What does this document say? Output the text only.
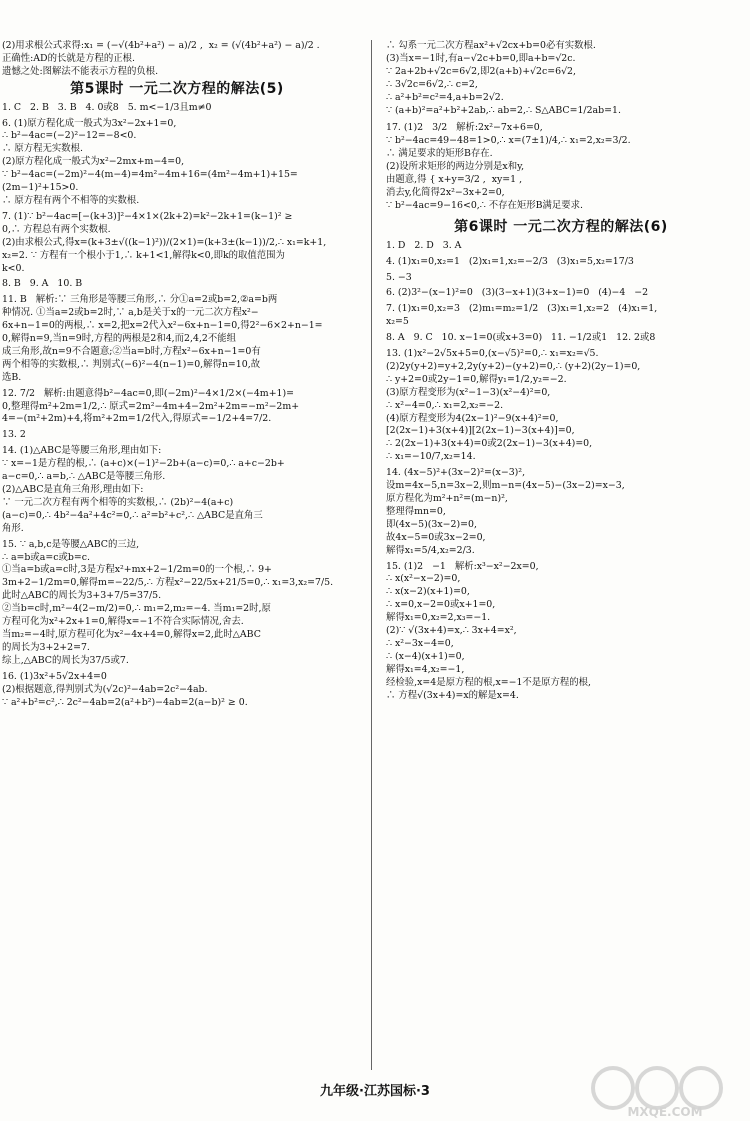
(2)用求根公式求得:x₁ = (−√(4b²+a²) − a)/2 ,  x₂ = (√(4b²+a²) − a)/2 .
正确性:AD的长就是方程的正根.
遗憾之处:图解法不能表示方程的负根.
第5课时 一元二次方程的解法(5)
1. C   2. B   3. B   4. 0或8   5. m<−1/3且m≠0
6. (1)原方程化成一般式为3x²−2x+1=0,
∴ b²−4ac=(−2)²−12=−8<0.
∴ 原方程无实数根.
(2)原方程化成一般式为x²−2mx+m−4=0,
∵ b²−4ac=(−2m)²−4(m−4)=4m²−4m+16=(4m²−4m+1)+15=
(2m−1)²+15>0.
∴ 原方程有两个不相等的实数根.
7. (1)∵ b²−4ac=[−(k+3)]²−4×1×(2k+2)=k²−2k+1=(k−1)² ≥
0,∴ 方程总有两个实数根.
(2)由求根公式,得x=(k+3±√((k−1)²))/(2×1)=(k+3±(k−1))/2,∴ x₁=k+1,
x₂=2. ∵ 方程有一个根小于1,∴ k+1<1,解得k<0,即k的取值范围为
k<0.
8. B   9. A   10. B
11. B   解析:∵ 三角形是等腰三角形,∴ 分①a=2或b=2,②a=b两
种情况. ①当a=2或b=2时,∵ a,b是关于x的一元二次方程x²−
6x+n−1=0的两根,∴ x=2,把x=2代入x²−6x+n−1=0,得2²−6×2+n−1=
0,解得n=9,当n=9时,方程的两根是2和4,而2,4,2不能组
成三角形,故n=9不合题意;②当a=b时,方程x²−6x+n−1=0有
两个相等的实数根,∴ 判别式(−6)²−4(n−1)=0,解得n=10,故
选B.
12. 7/2   解析:由题意得b²−4ac=0,即(−2m)²−4×1/2×(−4m+1)=
0,整理得m²+2m=1/2,∴ 原式=2m²−4m+4−2m²+2m=−m²−2m+
4=−(m²+2m)+4,将m²+2m=1/2代入,得原式=−1/2+4=7/2.
13. 2
14. (1)△ABC是等腰三角形,理由如下:
∵ x=−1是方程的根,∴ (a+c)×(−1)²−2b+(a−c)=0,∴ a+c−2b+
a−c=0,∴ a=b,∴ △ABC是等腰三角形.
(2)△ABC是直角三角形,理由如下:
∵ 一元二次方程有两个相等的实数根,∴ (2b)²−4(a+c)
(a−c)=0,∴ 4b²−4a²+4c²=0,∴ a²=b²+c²,∴ △ABC是直角三
角形.
15. ∵ a,b,c是等腰△ABC的三边,
∴ a=b或a=c或b=c.
①当a=b或a=c时,3是方程x²+mx+2−1/2m=0的一个根,∴ 9+
3m+2−1/2m=0,解得m=−22/5,∴ 方程x²−22/5x+21/5=0,∴ x₁=3,x₂=7/5.
此时△ABC的周长为3+3+7/5=37/5.
②当b=c时,m²−4(2−m/2)=0,∴ m₁=2,m₂=−4. 当m₁=2时,原
方程可化为x²+2x+1=0,解得x=−1不符合实际情况,舍去.
当m₂=−4时,原方程可化为x²−4x+4=0,解得x=2,此时△ABC
的周长为3+2+2=7.
综上,△ABC的周长为37/5或7.
16. (1)3x²+5√2x+4=0
(2)根据题意,得判别式为(√2c)²−4ab=2c²−4ab.
∵ a²+b²=c²,∴ 2c²−4ab=2(a²+b²)−4ab=2(a−b)² ≥ 0.
∴ 勾系一元二次方程ax²+√2cx+b=0必有实数根.
(3)当x=−1时,有a−√2c+b=0,即a+b=√2c.
∵ 2a+2b+√2c=6√2,即2(a+b)+√2c=6√2,
∴ 3√2c=6√2,∴ c=2,
∴ a²+b²=c²=4,a+b=2√2.
∵ (a+b)²=a²+b²+2ab,∴ ab=2,∴ S△ABC=1/2ab=1.
17. (1)2   3/2   解析:2x²−7x+6=0,
∵ b²−4ac=49−48=1>0,∴ x=(7±1)/4,∴ x₁=2,x₂=3/2.
∴ 满足要求的矩形B存在.
(2)设所求矩形的两边分别是x和y,
由题意,得 { x+y=3/2 ,  xy=1 ,
消去y,化简得2x²−3x+2=0,
∵ b²−4ac=9−16<0,∴ 不存在矩形B满足要求.
第6课时 一元二次方程的解法(6)
1. D   2. D   3. A
4. (1)x₁=0,x₂=1   (2)x₁=1,x₂=−2/3   (3)x₁=5,x₂=17/3
5. −3
6. (2)3²−(x−1)²=0   (3)(3−x+1)(3+x−1)=0   (4)−4   −2
7. (1)x₁=0,x₂=3   (2)m₁=m₂=1/2   (3)x₁=1,x₂=2   (4)x₁=1,
x₂=5
8. A   9. C   10. x−1=0(或x+3=0)   11. −1/2或1   12. 2或8
13. (1)x²−2√5x+5=0,(x−√5)²=0,∴ x₁=x₂=√5.
(2)2y(y+2)=y+2,2y(y+2)−(y+2)=0,∴ (y+2)(2y−1)=0,
∴ y+2=0或2y−1=0,解得y₁=1/2,y₂=−2.
(3)原方程变形为(x²−1−3)(x²−4)²=0,
∴ x²−4=0,∴ x₁=2,x₂=−2.
(4)原方程变形为4(2x−1)²−9(x+4)²=0,
[2(2x−1)+3(x+4)][2(2x−1)−3(x+4)]=0,
∴ 2(2x−1)+3(x+4)=0或2(2x−1)−3(x+4)=0,
∴ x₁=−10/7,x₂=14.
14. (4x−5)²+(3x−2)²=(x−3)²,
设m=4x−5,n=3x−2,则m−n=(4x−5)−(3x−2)=x−3,
原方程化为m²+n²=(m−n)²,
整理得mn=0,
即(4x−5)(3x−2)=0,
故4x−5=0或3x−2=0,
解得x₁=5/4,x₂=2/3.
15. (1)2   −1   解析:x³−x²−2x=0,
∴ x(x²−x−2)=0,
∴ x(x−2)(x+1)=0,
∴ x=0,x−2=0或x+1=0,
解得x₁=0,x₂=2,x₃=−1.
(2)∵ √(3x+4)=x,∴ 3x+4=x²,
∴ x²−3x−4=0,
∴ (x−4)(x+1)=0,
解得x₁=4,x₂=−1,
经检验,x=4是原方程的根,x=−1不是原方程的根,
∴ 方程√(3x+4)=x的解是x=4.
九年级·江苏国标·3
MXQE.COM
